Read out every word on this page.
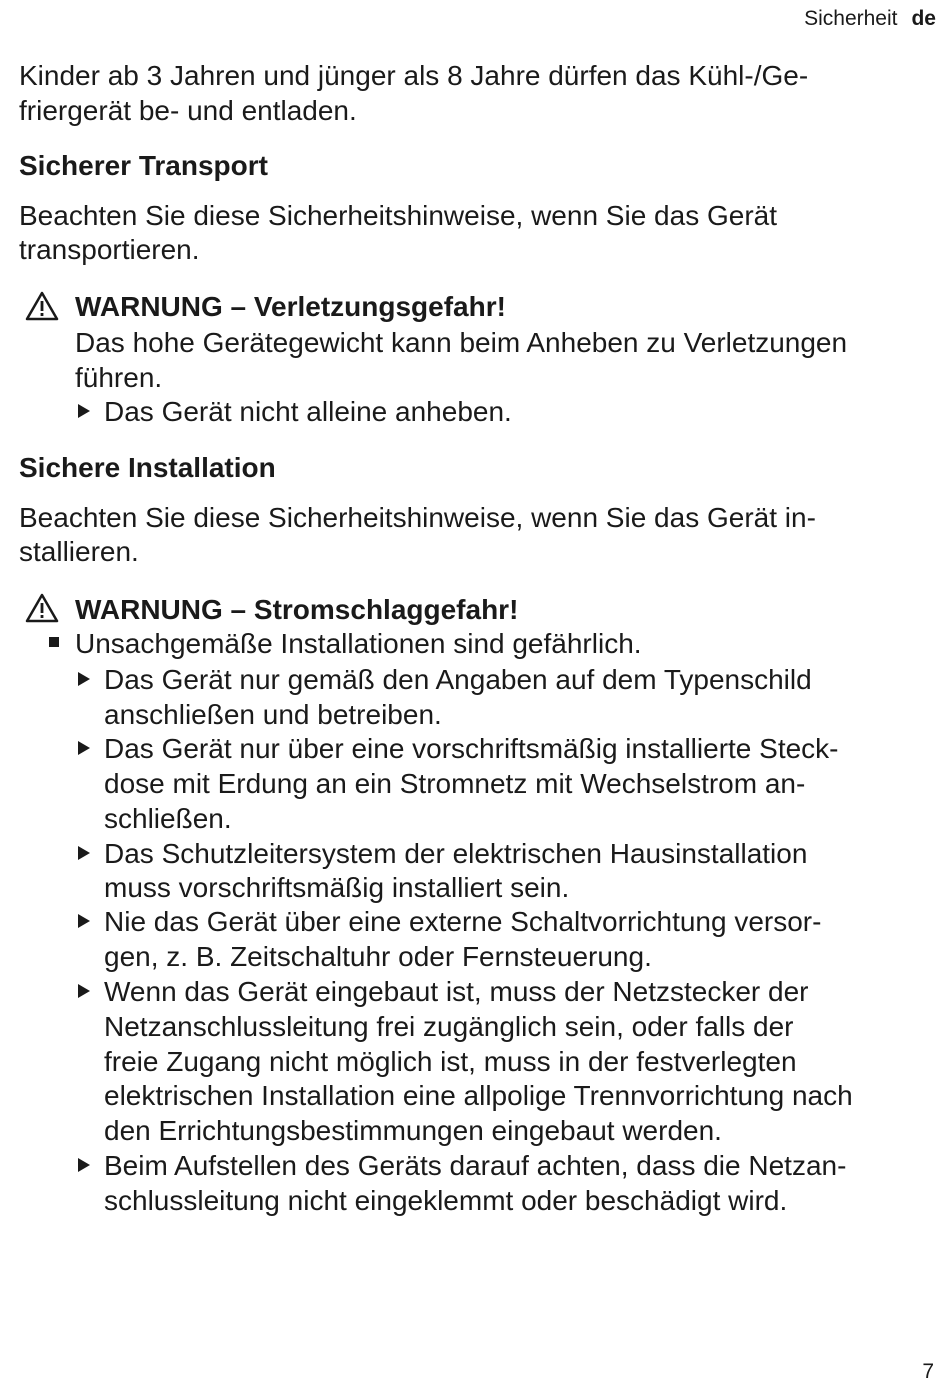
Sicherheit de
Kinder ab 3 Jahren und jünger als 8 Jahre dürfen das Kühl-/Ge-
friergerät be- und entladen.
Sicherer Transport
Beachten Sie diese Sicherheitshinweise, wenn Sie das Gerät
transportieren.
WARNUNG – Verletzungsgefahr!
Das hohe Gerätegewicht kann beim Anheben zu Verletzungen
führen.
Das Gerät nicht alleine anheben.
Sichere Installation
Beachten Sie diese Sicherheitshinweise, wenn Sie das Gerät in-
stallieren.
WARNUNG – Stromschlaggefahr!
Unsachgemäße Installationen sind gefährlich.
Das Gerät nur gemäß den Angaben auf dem Typenschild
anschließen und betreiben.
Das Gerät nur über eine vorschriftsmäßig installierte Steck-
dose mit Erdung an ein Stromnetz mit Wechselstrom an-
schließen.
Das Schutzleitersystem der elektrischen Hausinstallation
muss vorschriftsmäßig installiert sein.
Nie das Gerät über eine externe Schaltvorrichtung versor-
gen, z. B. Zeitschaltuhr oder Fernsteuerung.
Wenn das Gerät eingebaut ist, muss der Netzstecker der
Netzanschlussleitung frei zugänglich sein, oder falls der
freie Zugang nicht möglich ist, muss in der festverlegten
elektrischen Installation eine allpolige Trennvorrichtung nach
den Errichtungsbestimmungen eingebaut werden.
Beim Aufstellen des Geräts darauf achten, dass die Netzan-
schlussleitung nicht eingeklemmt oder beschädigt wird.
7
